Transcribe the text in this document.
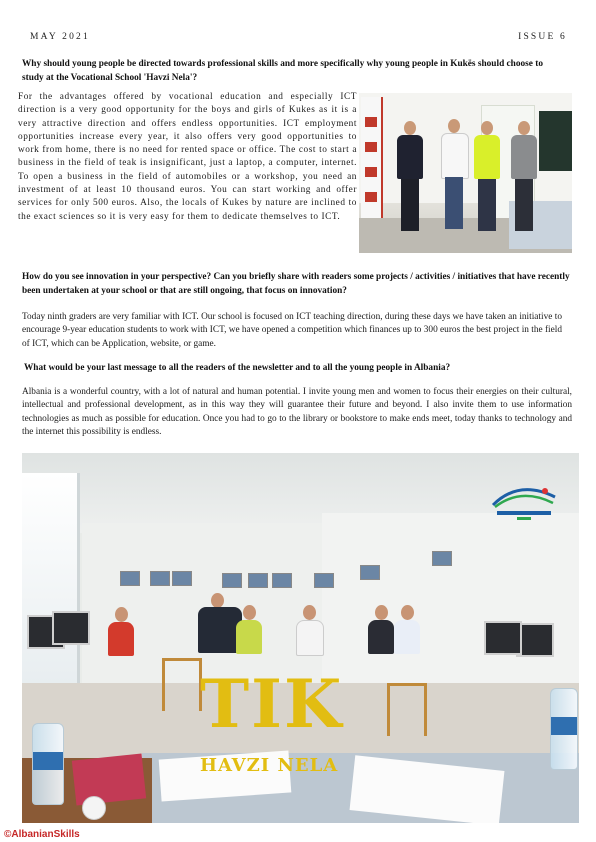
MAY 2021	ISSUE 6
Why should young people be directed towards professional skills and more specifically why young people in Kukës should choose to study at the Vocational School 'Havzi Nela'?

For the advantages offered by vocational education and especially ICT direction is a very good opportunity for the boys and girls of Kukes as it is a very attractive direction and offers endless opportunities. ICT employment opportunities increase every year, it also offers very good opportunities to work from home, there is no need for rented space or office. The cost to start a business in the field of teak is insignificant, just a laptop, a computer, internet. To open a business in the field of automobiles or a workshop, you need an investment of at least 10 thousand euros. You can start working and offer services for only 500 euros. Also, the locals of Kukes by nature are inclined to the exact sciences so it is very easy for them to dedicate themselves to ICT.

How do you see innovation in your perspective? Can you briefly share with readers some projects / activities / initiatives that have recently been undertaken at your school or that are still ongoing, that focus on innovation?

Today ninth graders are very familiar with ICT. Our school is focused on ICT teaching direction, during these days we have taken an initiative to encourage 9-year education students to work with ICT, we have opened a competition which finances up to 300 euros the best project in the field of ICT, which can be Application, website, or game.

What would be your last message to all the readers of the newsletter and to all the young people in Albania?

Albania is a wonderful country, with a lot of natural and human potential. I invite young men and women to focus their energies on their cultural, intellectual and professional development, as in this way they will guarantee their future and beyond. I also invite them to use information technologies as much as possible for education. Once you had to go to the library or bookstore to make ends meet, today thanks to technology and the internet this possibility is endless.

TIK
HAVZI NELA
©AlbanianSkills
